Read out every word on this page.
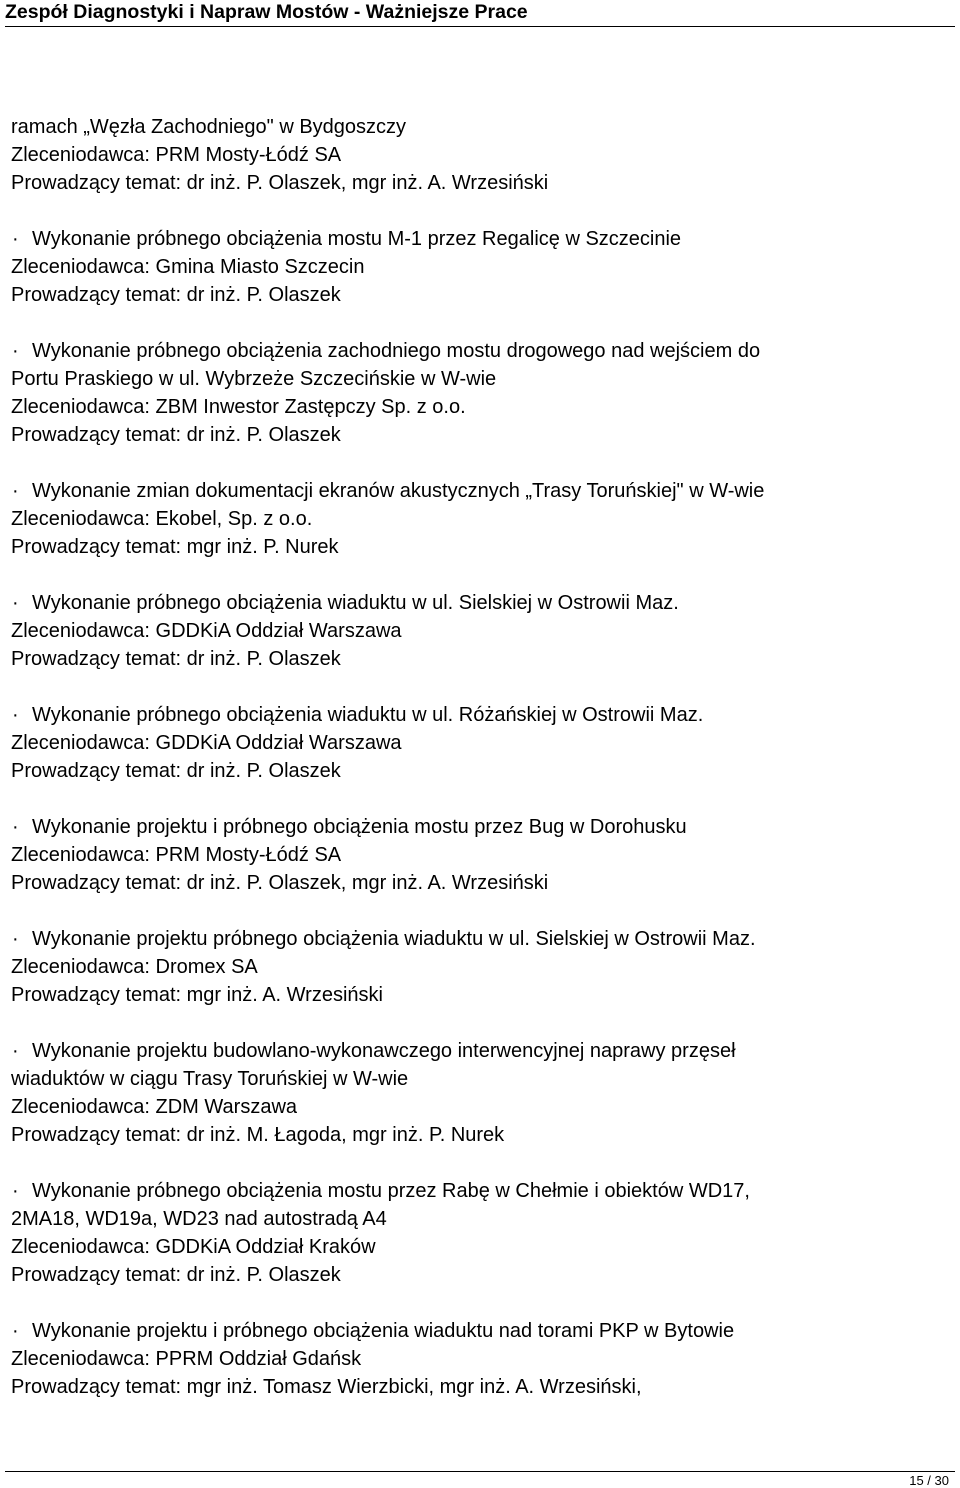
Zespół Diagnostyki i Napraw Mostów - Ważniejsze Prace
ramach „Węzła Zachodniego" w Bydgoszczy
Zleceniodawca: PRM Mosty-Łódź SA
Prowadzący temat: dr inż. P. Olaszek, mgr inż. A. Wrzesiński
· Wykonanie próbnego obciążenia mostu M-1 przez Regalicę w Szczecinie
Zleceniodawca: Gmina Miasto Szczecin
Prowadzący temat: dr inż. P. Olaszek
· Wykonanie próbnego obciążenia zachodniego mostu drogowego nad wejściem do
Portu Praskiego w ul. Wybrzeże Szczecińskie w W-wie
Zleceniodawca: ZBM Inwestor Zastępczy Sp. z o.o.
Prowadzący temat: dr inż. P. Olaszek
· Wykonanie zmian dokumentacji ekranów akustycznych „Trasy Toruńskiej" w W-wie
Zleceniodawca: Ekobel, Sp. z o.o.
Prowadzący temat: mgr inż. P. Nurek
· Wykonanie próbnego obciążenia wiaduktu w ul. Sielskiej w Ostrowii Maz.
Zleceniodawca: GDDKiA Oddział Warszawa
Prowadzący temat: dr inż. P. Olaszek
· Wykonanie próbnego obciążenia wiaduktu w ul. Różańskiej w Ostrowii Maz.
Zleceniodawca: GDDKiA Oddział Warszawa
Prowadzący temat: dr inż. P. Olaszek
· Wykonanie projektu i próbnego obciążenia mostu przez Bug w Dorohusku
Zleceniodawca: PRM Mosty-Łódź SA
Prowadzący temat: dr inż. P. Olaszek, mgr inż. A. Wrzesiński
· Wykonanie projektu próbnego obciążenia wiaduktu w ul. Sielskiej w Ostrowii Maz.
Zleceniodawca: Dromex SA
Prowadzący temat: mgr inż. A. Wrzesiński
· Wykonanie projektu budowlano-wykonawczego interwencyjnej naprawy przęseł
wiaduktów w ciągu Trasy Toruńskiej w W-wie
Zleceniodawca: ZDM Warszawa
Prowadzący temat: dr inż. M. Łagoda, mgr inż. P. Nurek
· Wykonanie próbnego obciążenia mostu przez Rabę w Chełmie i obiektów WD17,
2MA18, WD19a, WD23 nad autostradą A4
Zleceniodawca: GDDKiA Oddział Kraków
Prowadzący temat: dr inż. P. Olaszek
· Wykonanie projektu i próbnego obciążenia wiaduktu nad torami PKP w Bytowie
Zleceniodawca: PPRM Oddział Gdańsk
Prowadzący temat: mgr inż. Tomasz Wierzbicki, mgr inż. A. Wrzesiński,
15 / 30
